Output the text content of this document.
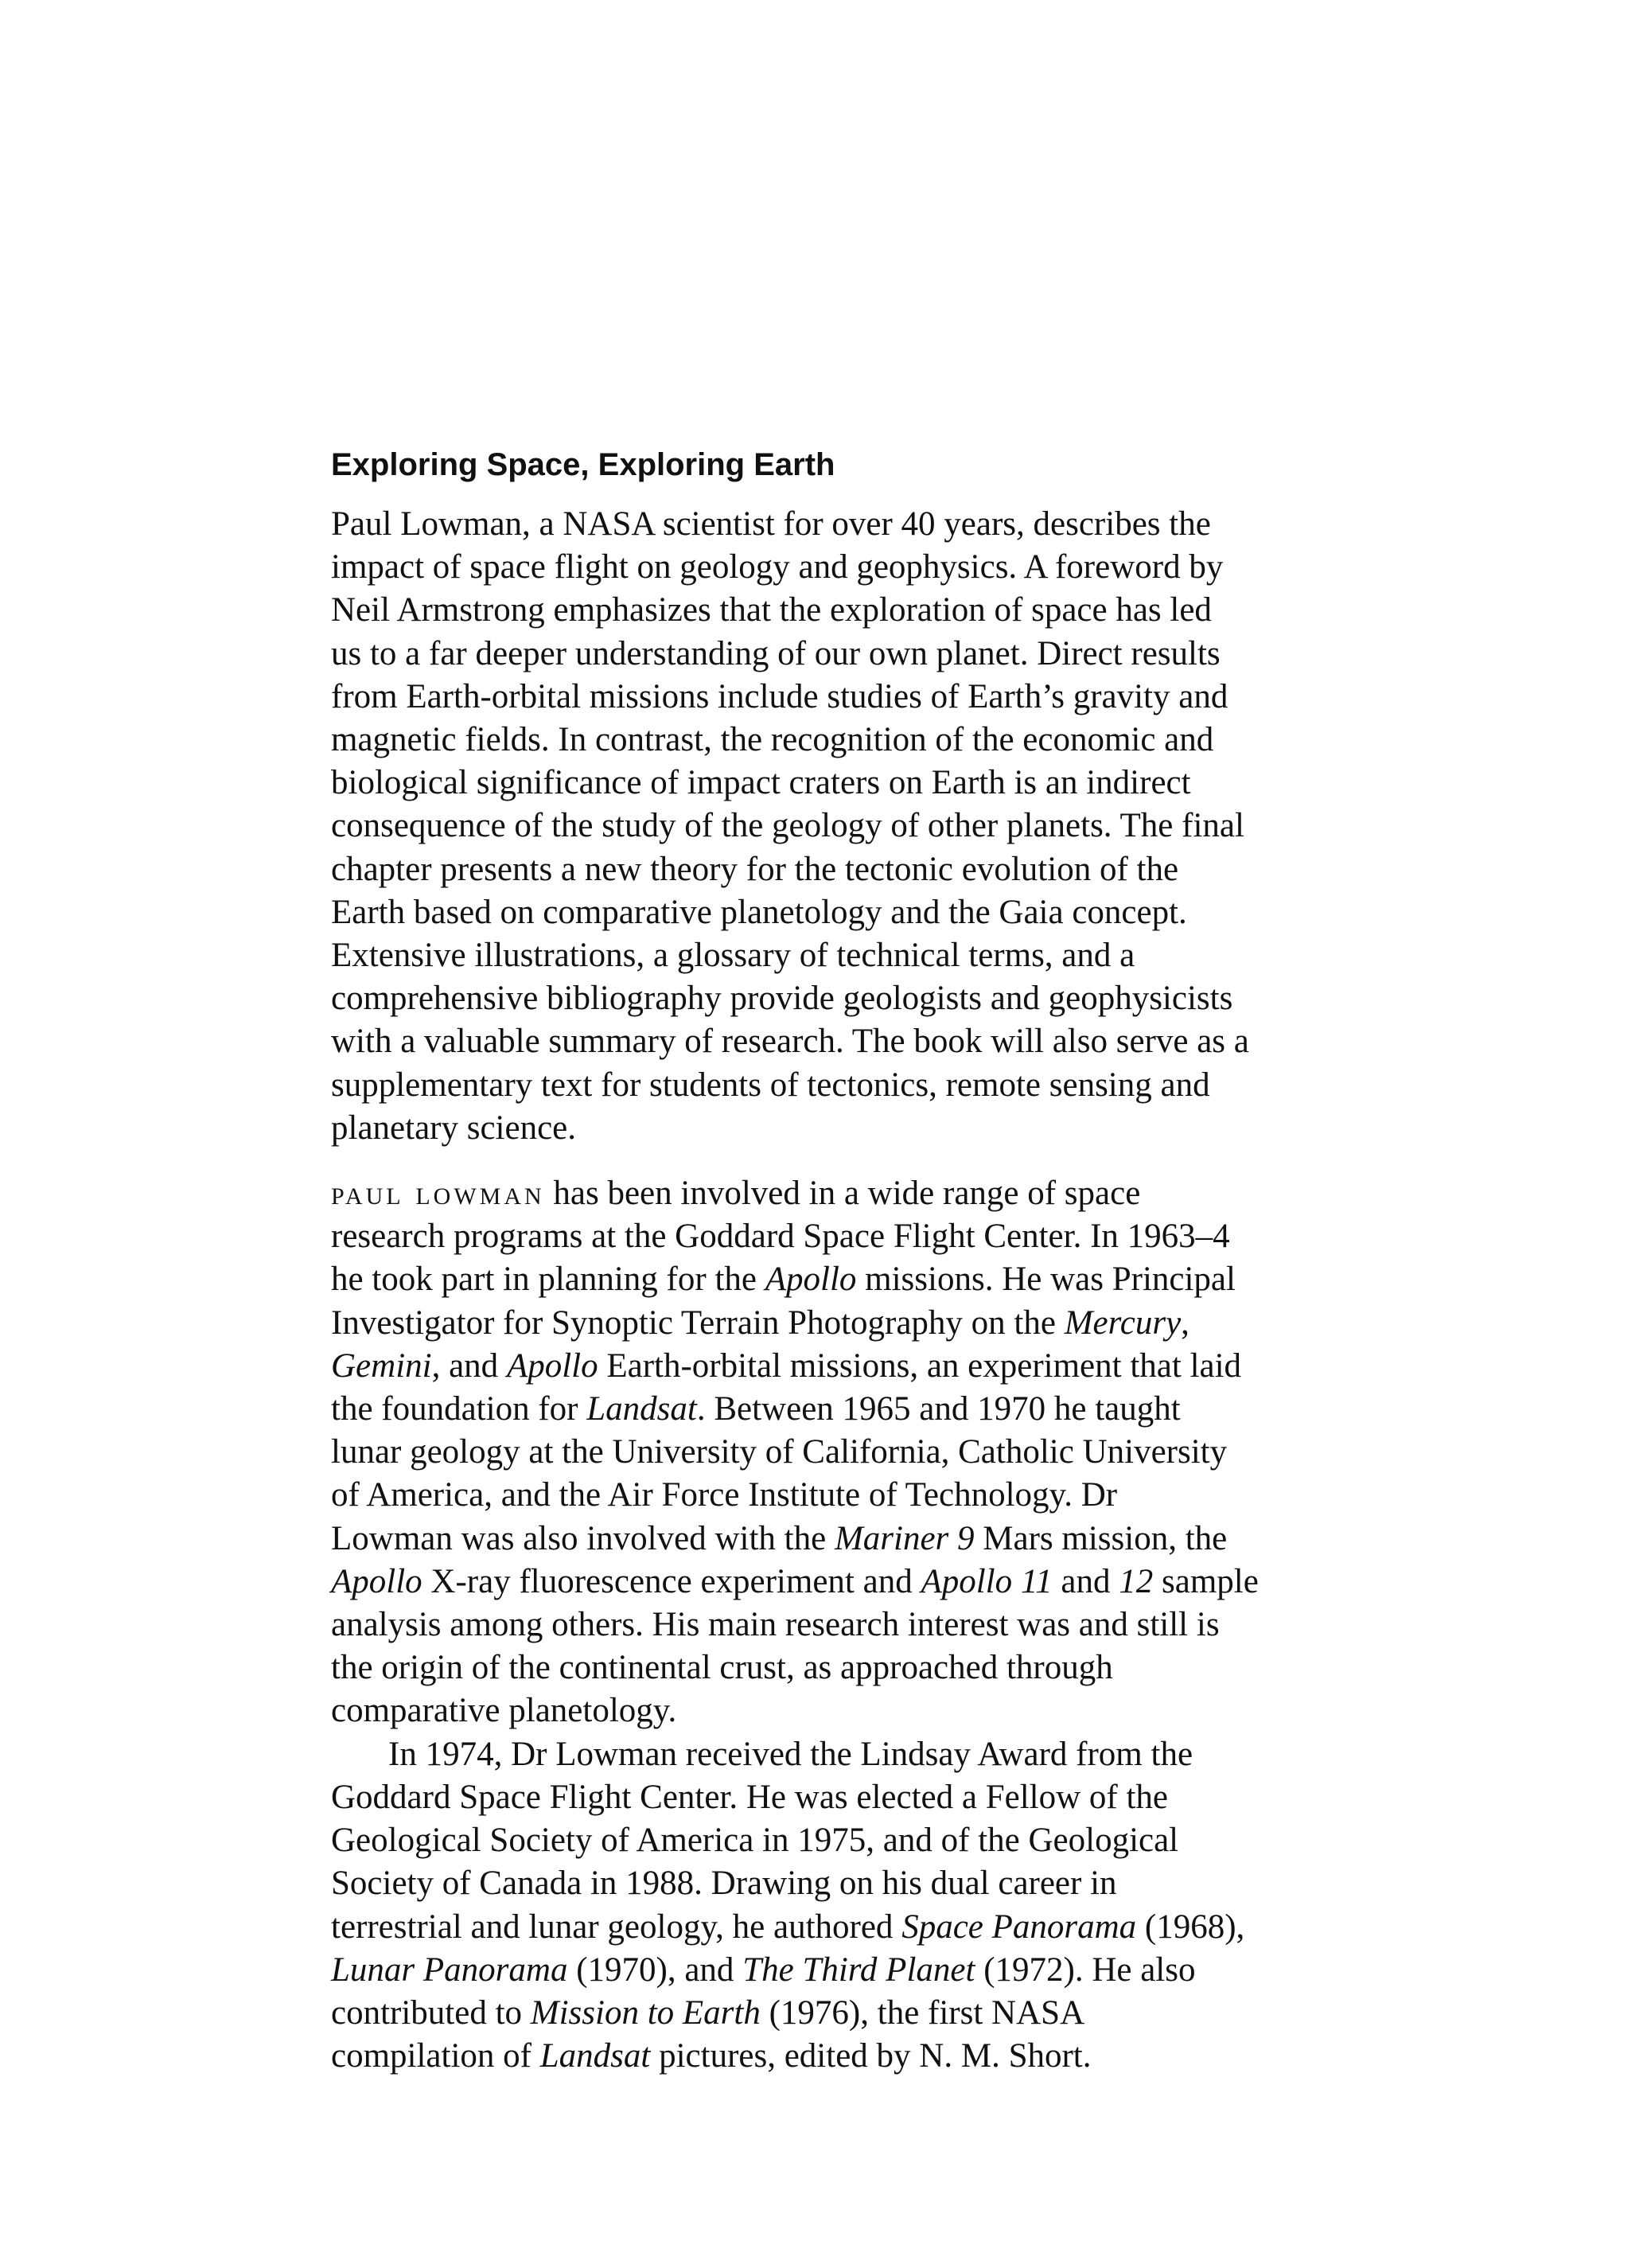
Exploring Space, Exploring Earth

Paul Lowman, a NASA scientist for over 40 years, describes the
impact of space flight on geology and geophysics. A foreword by
Neil Armstrong emphasizes that the exploration of space has led
us to a far deeper understanding of our own planet. Direct results
from Earth-orbital missions include studies of Earth’s gravity and
magnetic fields. In contrast, the recognition of the economic and
biological significance of impact craters on Earth is an indirect
consequence of the study of the geology of other planets. The final
chapter presents a new theory for the tectonic evolution of the
Earth based on comparative planetology and the Gaia concept.
Extensive illustrations, a glossary of technical terms, and a
comprehensive bibliography provide geologists and geophysicists
with a valuable summary of research. The book will also serve as a
supplementary text for students of tectonics, remote sensing and
planetary science.

paul lowman has been involved in a wide range of space
research programs at the Goddard Space Flight Center. In 1963–4
he took part in planning for the Apollo missions. He was Principal
Investigator for Synoptic Terrain Photography on the Mercury,
Gemini, and Apollo Earth-orbital missions, an experiment that laid
the foundation for Landsat. Between 1965 and 1970 he taught
lunar geology at the University of California, Catholic University
of America, and the Air Force Institute of Technology. Dr
Lowman was also involved with the Mariner 9 Mars mission, the
Apollo X-ray fluorescence experiment and Apollo 11 and 12 sample
analysis among others. His main research interest was and still is
the origin of the continental crust, as approached through
comparative planetology.

In 1974, Dr Lowman received the Lindsay Award from the
Goddard Space Flight Center. He was elected a Fellow of the
Geological Society of America in 1975, and of the Geological
Society of Canada in 1988. Drawing on his dual career in
terrestrial and lunar geology, he authored Space Panorama (1968),
Lunar Panorama (1970), and The Third Planet (1972). He also
contributed to Mission to Earth (1976), the first NASA
compilation of Landsat pictures, edited by N. M. Short.
